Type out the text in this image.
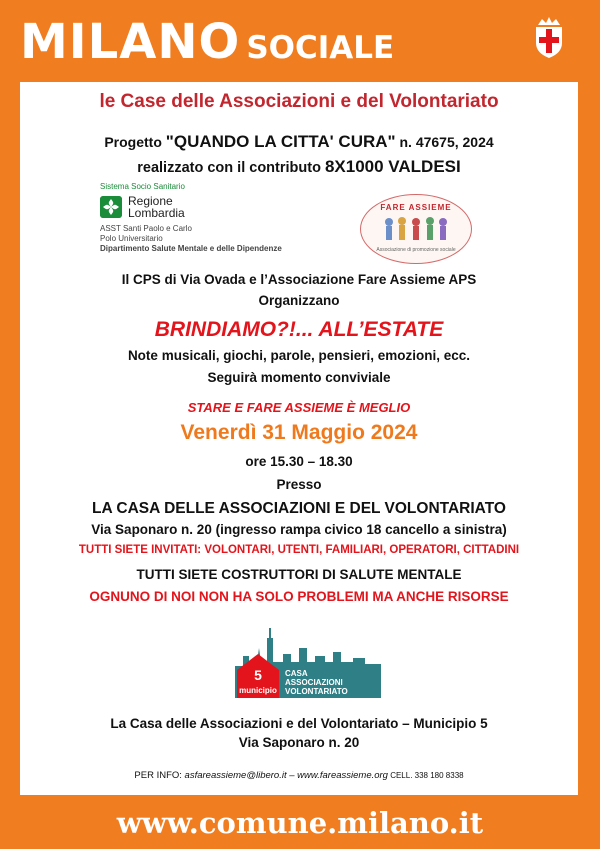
MILANO SOCIALE
le Case delle Associazioni e del Volontariato
Progetto "QUANDO LA CITTA' CURA" n. 47675, 2024
realizzato con il contributo 8X1000 VALDESI
Sistema Socio Sanitario
Regione
Lombardia
ASST Santi Paolo e Carlo
Polo Universitario
Dipartimento Salute Mentale e delle Dipendenze
FARE ASSIEME
Associazione di promozione sociale
Il CPS di Via Ovada e l’Associazione Fare Assieme APS
Organizzano
BRINDIAMO?!... ALL’ESTATE
Note musicali, giochi, parole, pensieri, emozioni, ecc.
Seguirà momento conviviale
STARE E FARE ASSIEME È MEGLIO
Venerdì 31 Maggio 2024
ore 15.30 – 18.30
Presso
LA CASA DELLE ASSOCIAZIONI E DEL VOLONTARIATO
Via Saponaro n. 20 (ingresso rampa civico 18 cancello a sinistra)
TUTTI SIETE INVITATI: VOLONTARI, UTENTI, FAMILIARI, OPERATORI, CITTADINI
TUTTI SIETE COSTRUTTORI DI SALUTE MENTALE
OGNUNO DI NOI NON HA SOLO PROBLEMI MA ANCHE RISORSE
5
municipio
CASA
ASSOCIAZIONI
VOLONTARIATO
La Casa delle Associazioni e del Volontariato – Municipio 5
Via Saponaro n. 20
PER INFO: asfareassieme@libero.it – www.fareassieme.org CELL. 338 180 8338
www.comune.milano.it
